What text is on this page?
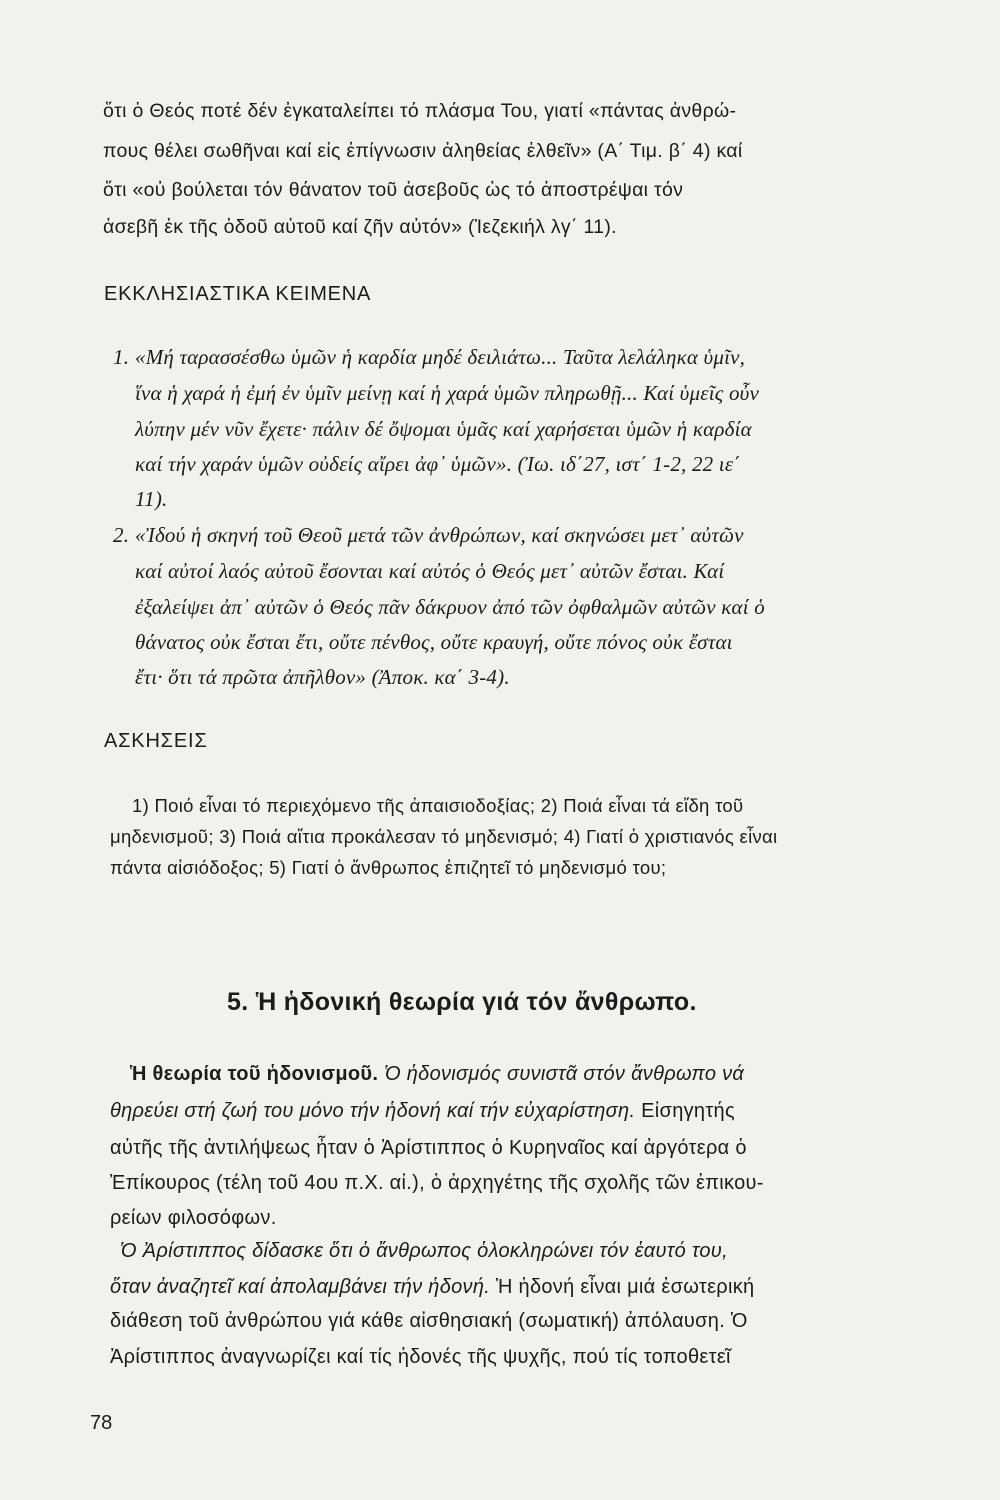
ὅτι ὁ Θεός ποτέ δέν ἐγκαταλείπει τό πλάσμα Του, γιατί «πάντας ἀνθρώ-
πους θέλει σωθῆναι καί εἰς ἐπίγνωσιν ἀληθείας ἐλθεῖν» (Α΄ Τιμ. β΄ 4) καί
ὅτι «οὐ βούλεται τόν θάνατον τοῦ ἀσεβοῦς ὡς τό ἀποστρέψαι τόν
ἀσεβῆ ἐκ τῆς ὁδοῦ αὐτοῦ καί ζῆν αὐτόν» (Ἰεζεκιήλ λγ΄ 11).
ΕΚΚΛΗΣΙΑΣΤΙΚΑ ΚΕΙΜΕΝΑ
1. «Μή ταρασσέσθω ὑμῶν ἡ καρδία μηδέ δειλιάτω... Ταῦτα λελάληκα ὑμῖν,
ἵνα ἡ χαρά ἡ ἐμή ἐν ὑμῖν μείνῃ καί ἡ χαρά ὑμῶν πληρωθῇ... Καί ὑμεῖς οὖν
λύπην μέν νῦν ἔχετε· πάλιν δέ ὄψομαι ὑμᾶς καί χαρήσεται ὑμῶν ἡ καρδία
καί τήν χαράν ὑμῶν οὐδείς αἴρει ἀφ᾽ ὑμῶν». (Ἰω. ιδ΄27, ιστ΄ 1-2, 22 ιε΄
11).
2. «Ἰδού ἡ σκηνή τοῦ Θεοῦ μετά τῶν ἀνθρώπων, καί σκηνώσει μετ᾽ αὐτῶν
καί αὐτοί λαός αὐτοῦ ἔσονται καί αὐτός ὁ Θεός μετ᾽ αὐτῶν ἔσται. Καί
ἐξαλείψει ἀπ᾽ αὐτῶν ὁ Θεός πᾶν δάκρυον ἀπό τῶν ὀφθαλμῶν αὐτῶν καί ὁ
θάνατος οὐκ ἔσται ἔτι, οὔτε πένθος, οὔτε κραυγή, οὔτε πόνος οὐκ ἔσται
ἔτι· ὅτι τά πρῶτα ἀπῆλθον» (Ἀποκ. κα΄ 3-4).
ΑΣΚΗΣΕΙΣ
1) Ποιό εἶναι τό περιεχόμενο τῆς ἀπαισιοδοξίας; 2) Ποιά εἶναι τά εἴδη τοῦ
μηδενισμοῦ; 3) Ποιά αἴτια προκάλεσαν τό μηδενισμό; 4) Γιατί ὁ χριστιανός εἶναι
πάντα αἰσιόδοξος; 5) Γιατί ὁ ἄνθρωπος ἐπιζητεῖ τό μηδενισμό του;
5. Ἡ ἡδονική θεωρία γιά τόν ἄνθρωπο.
Ἡ θεωρία τοῦ ἡδονισμοῦ. Ὁ ἡδονισμός συνιστᾶ στόν ἄνθρωπο νά
θηρεύει στή ζωή του μόνο τήν ἡδονή καί τήν εὐχαρίστηση. Εἰσηγητής
αὐτῆς τῆς ἀντιλήψεως ἦταν ὁ Ἀρίστιππος ὁ Κυρηναῖος καί ἀργότερα ὁ
Ἐπίκουρος (τέλη τοῦ 4ου π.Χ. αἰ.), ὁ ἀρχηγέτης τῆς σχολῆς τῶν ἐπικου-
ρείων φιλοσόφων.
Ὁ Ἀρίστιππος δίδασκε ὅτι ὁ ἄνθρωπος ὁλοκληρώνει τόν ἑαυτό του,
ὅταν ἀναζητεῖ καί ἀπολαμβάνει τήν ἡδονή. Ἡ ἡδονή εἶναι μιά ἐσωτερική
διάθεση τοῦ ἀνθρώπου γιά κάθε αἰσθησιακή (σωματική) ἀπόλαυση. Ὁ
Ἀρίστιππος ἀναγνωρίζει καί τίς ἡδονές τῆς ψυχῆς, πού τίς τοποθετεῖ
78
